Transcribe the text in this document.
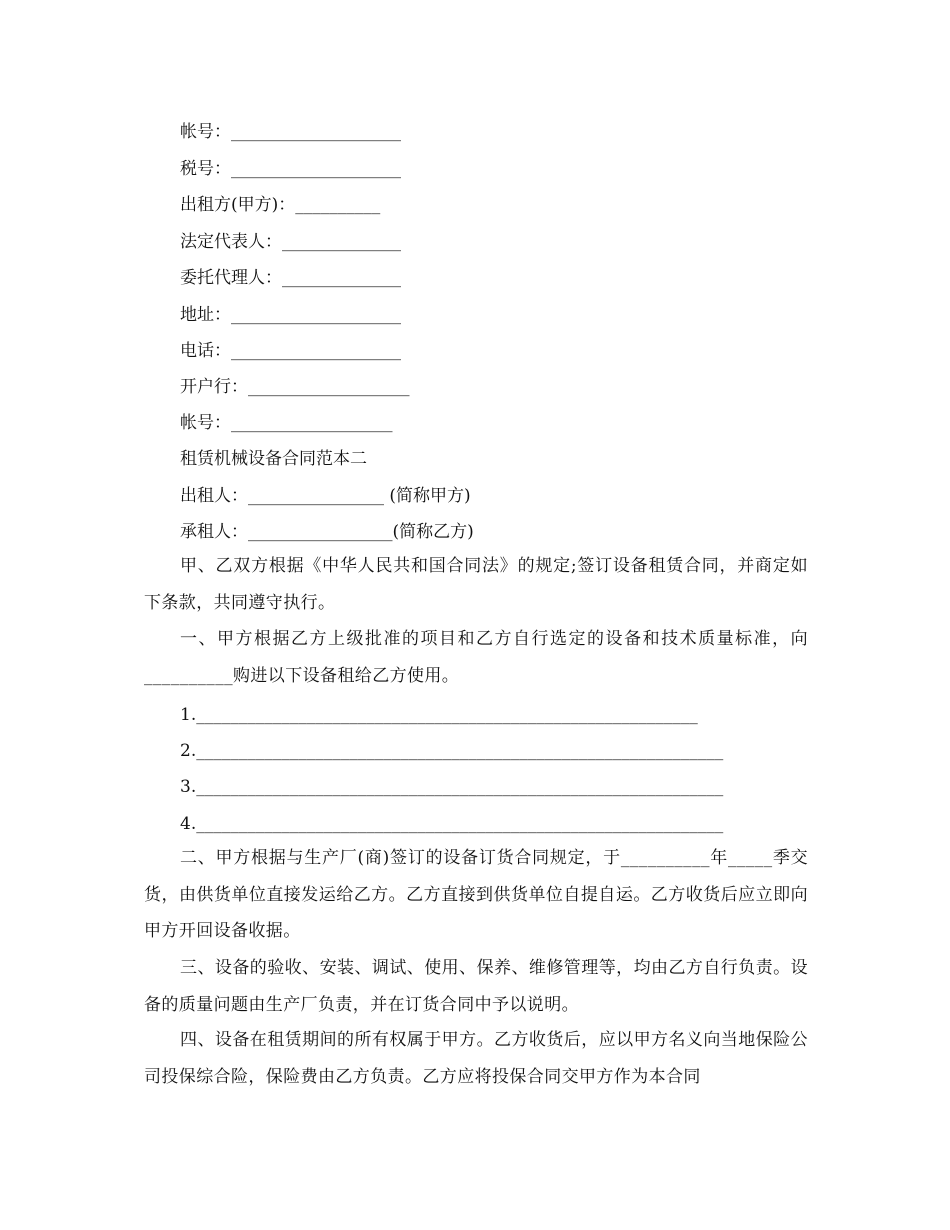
帐号：____________________
税号：____________________
出租方(甲方)：__________
法定代表人：______________
委托代理人：______________
地址：____________________
电话：____________________
开户行：___________________
帐号：___________________
租赁机械设备合同范本二
出租人：________________ (简称甲方)
承租人：_________________(简称乙方)
甲、乙双方根据《中华人民共和国合同法》的规定;签订设备租赁合同，并商定如下条款，共同遵守执行。
一、甲方根据乙方上级批准的项目和乙方自行选定的设备和技术质量标准，向__________购进以下设备租给乙方使用。
1.___________________________________________________________
2.______________________________________________________________
3.______________________________________________________________
4.______________________________________________________________
二、甲方根据与生产厂(商)签订的设备订货合同规定，于__________年_____季交货，由供货单位直接发运给乙方。乙方直接到供货单位自提自运。乙方收货后应立即向甲方开回设备收据。
三、设备的验收、安装、调试、使用、保养、维修管理等，均由乙方自行负责。设备的质量问题由生产厂负责，并在订货合同中予以说明。
四、设备在租赁期间的所有权属于甲方。乙方收货后，应以甲方名义向当地保险公司投保综合险，保险费由乙方负责。乙方应将投保合同交甲方作为本合同
